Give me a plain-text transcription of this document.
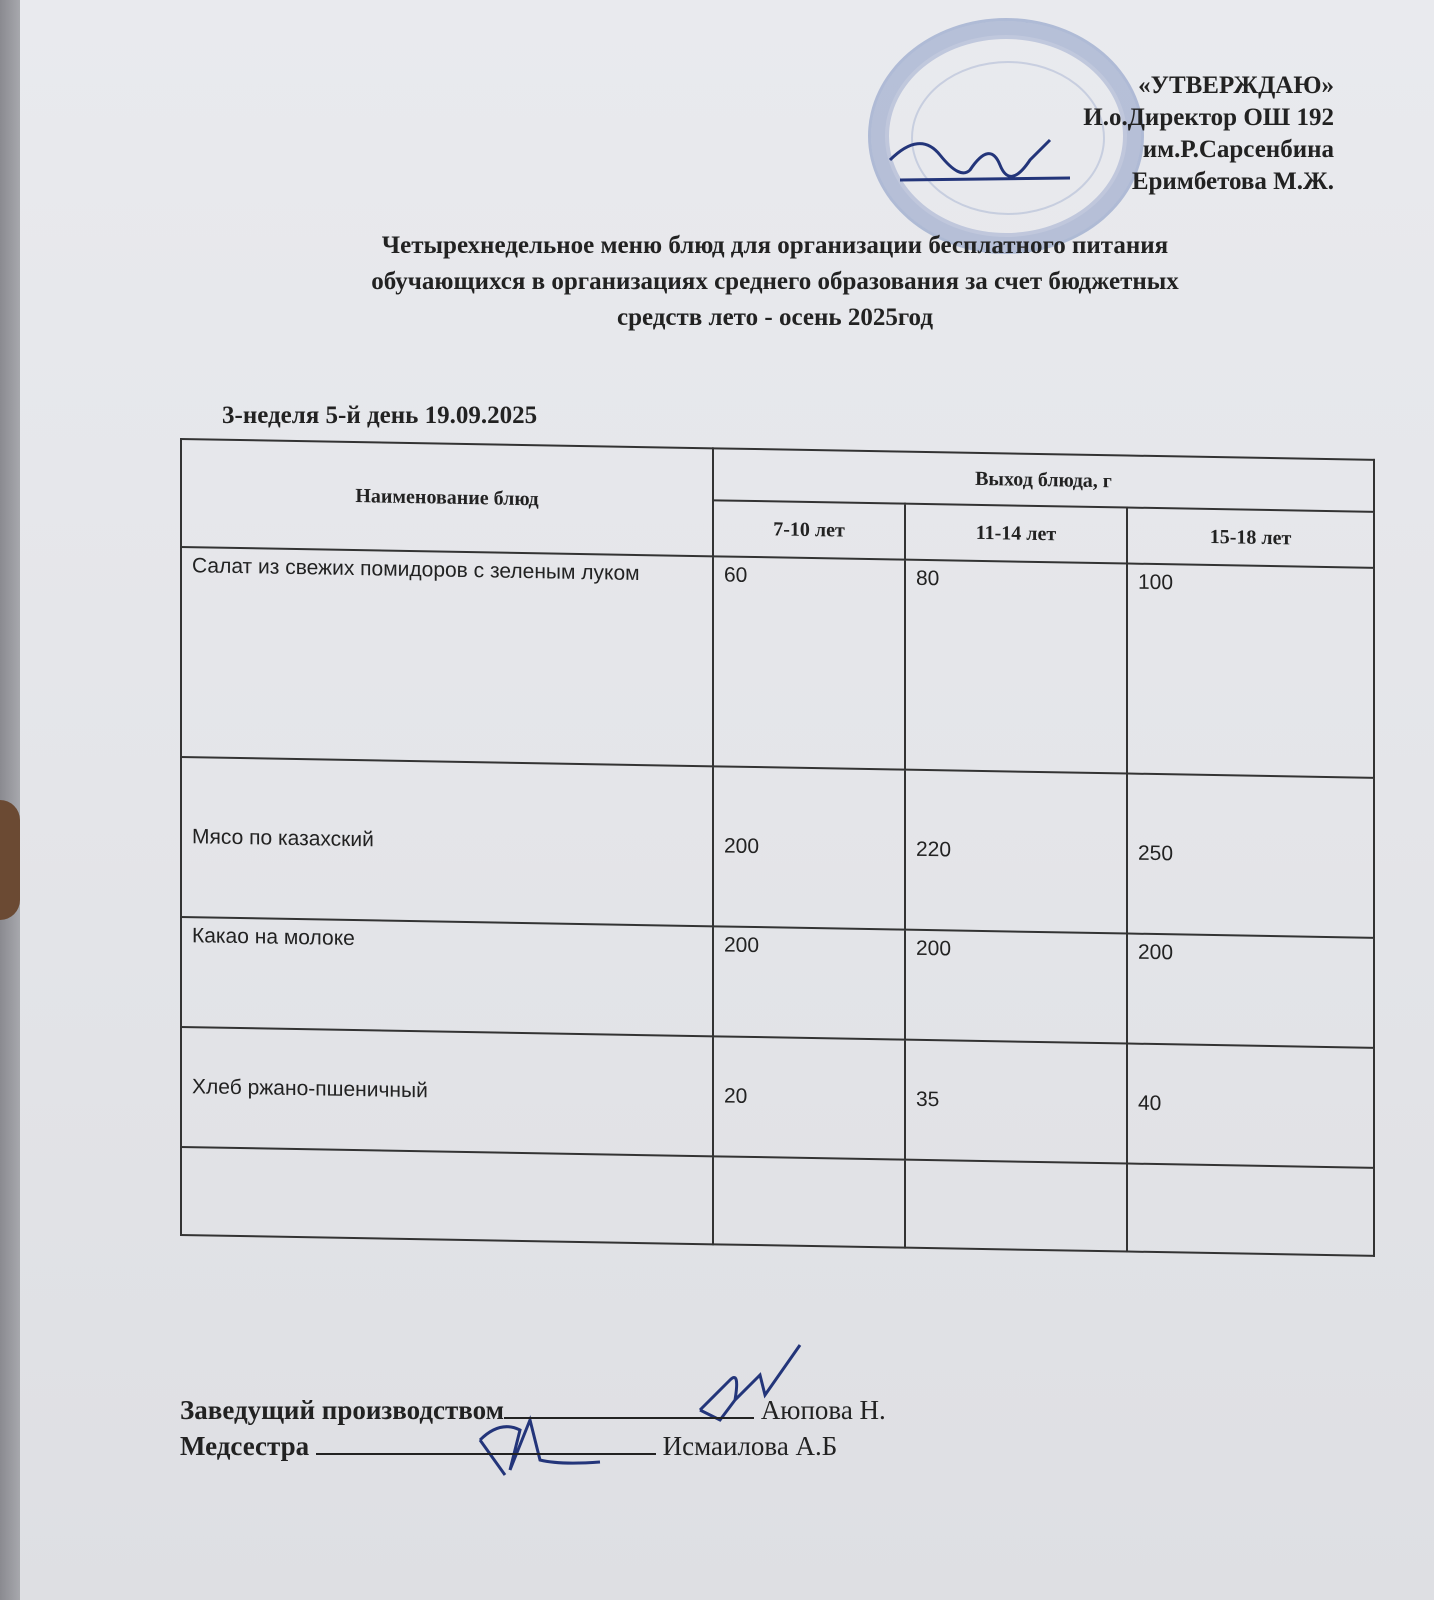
«УТВЕРЖДАЮ»
И.о.Директор ОШ 192
им.Р.Сарсенбина
Еримбетова М.Ж.
Четырехнедельное меню блюд для организации бесплатного питания
обучающихся в организациях среднего образования за счет бюджетных
средств лето - осень 2025год
3-неделя 5-й день 19.09.2025
Наименование блюд	Выход блюда, г		
	7-10 лет	11-14 лет	15-18 лет
Салат из свежих помидоров с зеленым луком	60	80	100
Мясо по казахский	200	220	250
Какао на молоке	200	200	200
Хлеб ржано-пшеничный	20	35	40

Заведущий производством	Аюпова Н.
Медсестра	Исмаилова А.Б
